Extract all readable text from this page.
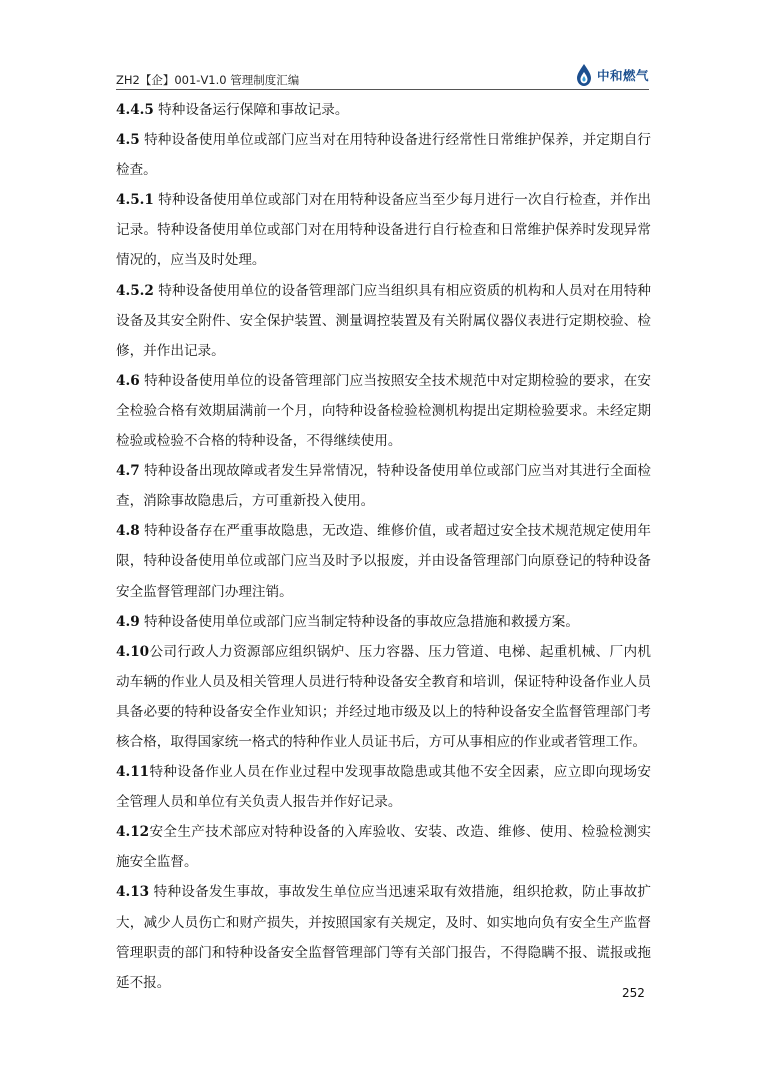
ZH2【企】001-V1.0 管理制度汇编	中和燃气

4.4.5 特种设备运行保障和事故记录。

4.5 特种设备使用单位或部门应当对在用特种设备进行经常性日常维护保养，并定期自行检查。

4.5.1 特种设备使用单位或部门对在用特种设备应当至少每月进行一次自行检查，并作出记录。特种设备使用单位或部门对在用特种设备进行自行检查和日常维护保养时发现异常情况的，应当及时处理。

4.5.2 特种设备使用单位的设备管理部门应当组织具有相应资质的机构和人员对在用特种设备及其安全附件、安全保护装置、测量调控装置及有关附属仪器仪表进行定期校验、检修，并作出记录。

4.6 特种设备使用单位的设备管理部门应当按照安全技术规范中对定期检验的要求，在安全检验合格有效期届满前一个月，向特种设备检验检测机构提出定期检验要求。未经定期检验或检验不合格的特种设备，不得继续使用。

4.7 特种设备出现故障或者发生异常情况，特种设备使用单位或部门应当对其进行全面检查，消除事故隐患后，方可重新投入使用。

4.8 特种设备存在严重事故隐患，无改造、维修价值，或者超过安全技术规范规定使用年限，特种设备使用单位或部门应当及时予以报废，并由设备管理部门向原登记的特种设备安全监督管理部门办理注销。

4.9 特种设备使用单位或部门应当制定特种设备的事故应急措施和救援方案。

4.10公司行政人力资源部应组织锅炉、压力容器、压力管道、电梯、起重机械、厂内机动车辆的作业人员及相关管理人员进行特种设备安全教育和培训，保证特种设备作业人员具备必要的特种设备安全作业知识；并经过地市级及以上的特种设备安全监督管理部门考核合格，取得国家统一格式的特种作业人员证书后，方可从事相应的作业或者管理工作。

4.11特种设备作业人员在作业过程中发现事故隐患或其他不安全因素，应立即向现场安全管理人员和单位有关负责人报告并作好记录。

4.12安全生产技术部应对特种设备的入库验收、安装、改造、维修、使用、检验检测实施安全监督。

4.13 特种设备发生事故，事故发生单位应当迅速采取有效措施，组织抢救，防止事故扩大，减少人员伤亡和财产损失，并按照国家有关规定，及时、如实地向负有安全生产监督管理职责的部门和特种设备安全监督管理部门等有关部门报告，不得隐瞒不报、谎报或拖延不报。

252
